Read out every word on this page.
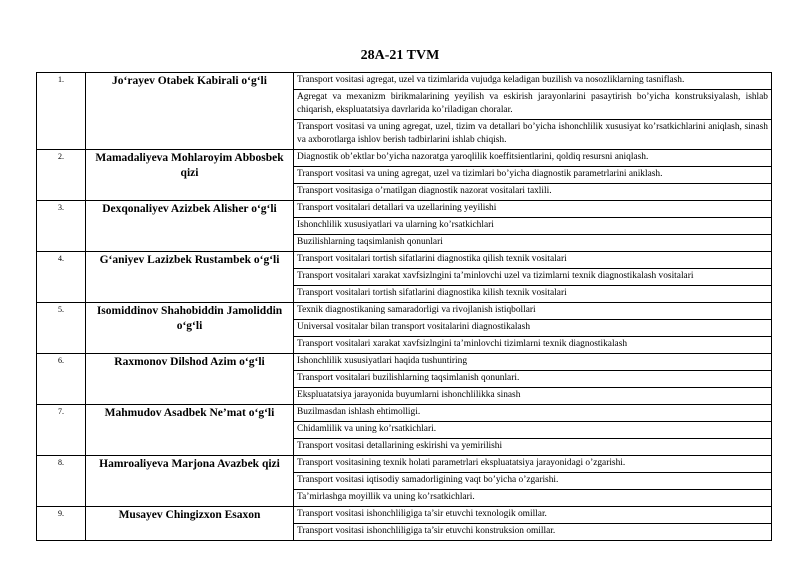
28A-21 TVM
1.	Jo‘rayev Otabek Kabirali o‘g‘li	Transport vositasi agregat, uzel va tizimlarida vujudga keladigan buzilish va nosozliklarning tasniflash.
Agregat va mexanizm birikmalarining yeyilish va eskirish jarayonlarini pasaytirish bo’yicha konstruksiyalash, ishlab chiqarish, ekspluatatsiya davrlarida ko’riladigan choralar.
Transport vositasi va uning agregat, uzel, tizim va detallari bo’yicha ishonchlilik xususiyat ko’rsatkichlarini aniqlash, sinash va axborotlarga ishlov berish tadbirlarini ishlab chiqish.

2.	Mamadaliyeva Mohlaroyim Abbosbek qizi	Diagnostik ob’ektlar bo’yicha nazoratga yaroqlilik koeffitsientlarini, qoldiq resursni aniqlash.
Transport vositasi va uning agregat, uzel va tizimlari bo’yicha diagnostik parametrlarini aniklash.
Transport vositasiga o’rnatilgan diagnostik nazorat vositalari taxlili.

3.	Dexqonaliyev Azizbek Alisher o‘g‘li	Transport vositalari detallari va uzellarining yeyilishi
Ishonchlilik xususiyatlari va ularning ko’rsatkichlari
Buzilishlarning taqsimlanish qonunlari

4.	G‘aniyev Lazizbek Rustambek o‘g‘li	Transport vositalari tortish sifatlarini diagnostika qilish texnik vositalari
Transport vositalari xarakat xavfsizlngini ta’minlovchi uzel va tizimlarni texnik diagnostikalash vositalari
Transport vositalari tortish sifatlarini diagnostika kilish texnik vositalari

5.	Isomiddinov Shahobiddin Jamoliddin o‘g‘li	Texnik diagnostikaning samaradorligi va rivojlanish istiqbollari
Universal vositalar bilan transport vositalarini diagnostikalash
Transport vositalari xarakat xavfsizlngini ta’minlovchi tizimlarni texnik diagnostikalash

6.	Raxmonov Dilshod Azim o‘g‘li	Ishonchlilik xususiyatlari haqida tushuntiring
Transport vositalari buzilishlarning taqsimlanish qonunlari.
Ekspluatatsiya jarayonida buyumlarni ishonchlilikka sinash

7.	Mahmudov Asadbek Ne’mat o‘g‘li	Buzilmasdan ishlash ehtimolligi.
Chidamlilik va uning ko’rsatkichlari.
Transport vositasi detallarining eskirishi va yemirilishi

8.	Hamroaliyeva Marjona Avazbek qizi	Transport vositasining texnik holati parametrlari ekspluatatsiya jarayonidagi o’zgarishi.
Transport vositasi iqtisodiy samadorligining vaqt bo’yicha o’zgarishi.
Ta’mirlashga moyillik va uning ko’rsatkichlari.

9.	Musayev Chingizxon Esaxon	Transport vositasi ishonchliligiga ta’sir etuvchi texnologik omillar.
Transport vositasi ishonchliligiga ta’sir etuvchi konstruksion omillar.
